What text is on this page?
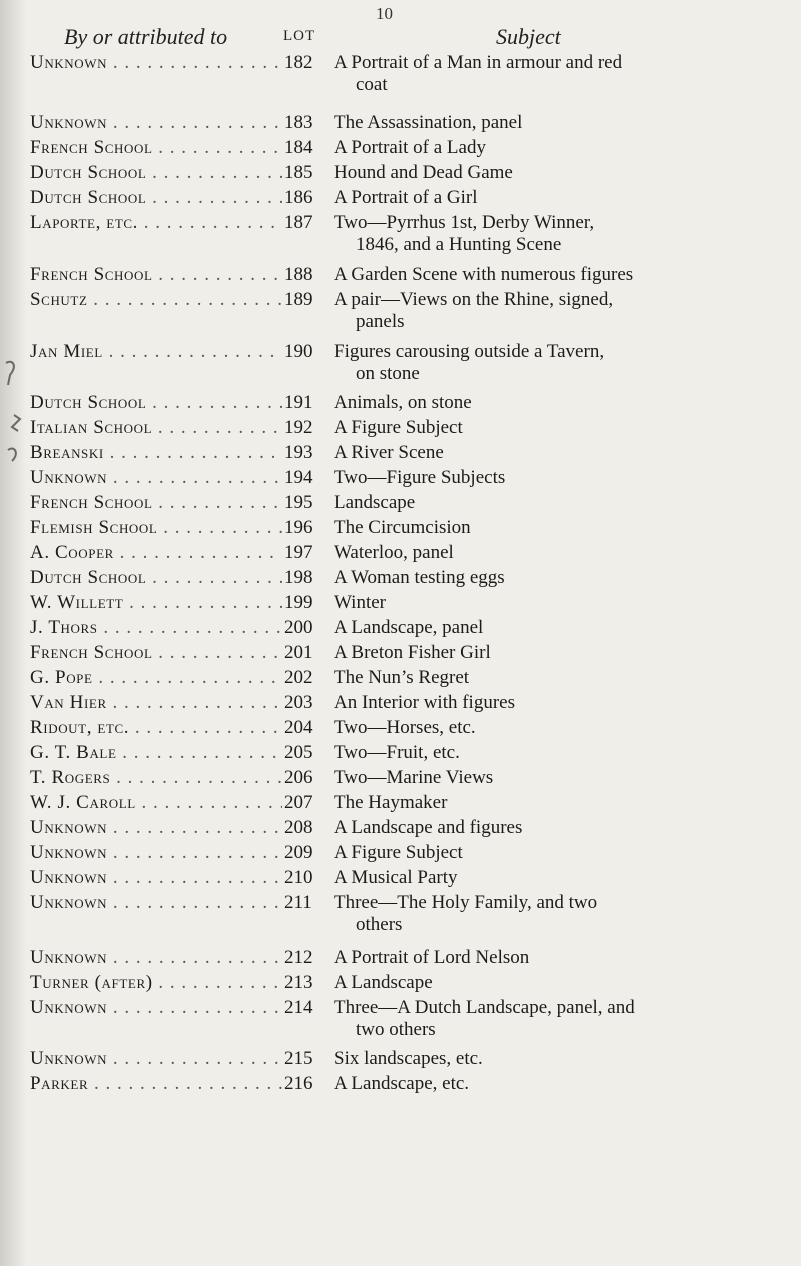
10
By or attributed to	LOT	Subject
Unknown . . .	182	A Portrait of a Man in armour and red
coat
Unknown . . .	183	The Assassination, panel
French School . . .	184	A Portrait of a Lady
Dutch School . . .	185	Hound and Dead Game
Dutch School . . .	186	A Portrait of a Girl
Laporte, etc. . . .	187	Two—Pyrrhus 1st, Derby Winner,
1846, and a Hunting Scene
French School . . .	188	A Garden Scene with numerous figures
Schutz . . .	189	A pair—Views on the Rhine, signed,
panels
Jan Miel . . .	190	Figures carousing outside a Tavern,
on stone
Dutch School . . .	191	Animals, on stone
Italian School . . .	192	A Figure Subject
Breanski . . .	193	A River Scene
Unknown . . .	194	Two—Figure Subjects
French School . . .	195	Landscape
Flemish School . . .	196	The Circumcision
A. Cooper . . .	197	Waterloo, panel
Dutch School . . .	198	A Woman testing eggs
W. Willett . . .	199	Winter
J. Thors . . .	200	A Landscape, panel
French School . . .	201	A Breton Fisher Girl
G. Pope . . .	202	The Nun’s Regret
Van Hier . . .	203	An Interior with figures
Ridout, etc. . . .	204	Two—Horses, etc.
G. T. Bale . . .	205	Two—Fruit, etc.
T. Rogers . . .	206	Two—Marine Views
W. J. Caroll . . .	207	The Haymaker
Unknown . . .	208	A Landscape and figures
Unknown . . .	209	A Figure Subject
Unknown . . .	210	A Musical Party
Unknown . . .	211	Three—The Holy Family, and two
others
Unknown . . .	212	A Portrait of Lord Nelson
Turner (after) . . .	213	A Landscape
Unknown . . .	214	Three—A Dutch Landscape, panel, and
two others
Unknown . . .	215	Six landscapes, etc.
Parker . . .	216	A Landscape, etc.
